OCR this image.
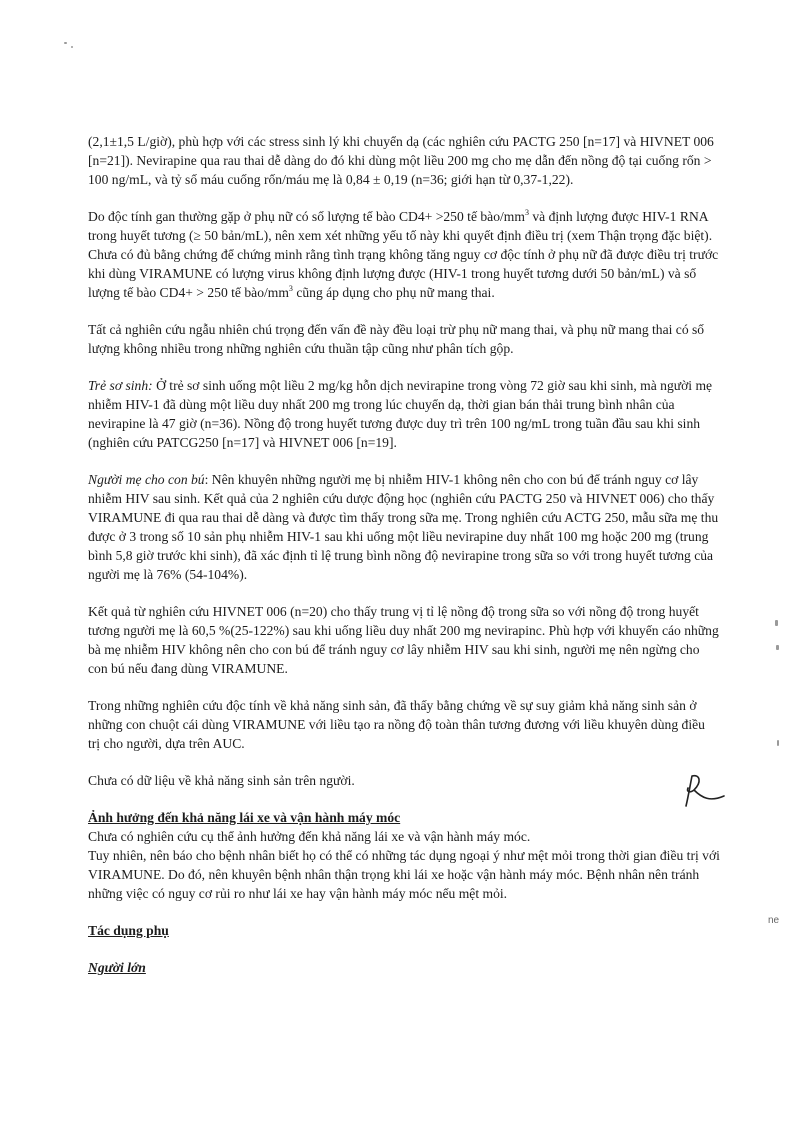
(2,1±1,5 L/giờ), phù hợp với các stress sinh lý khi chuyển dạ (các nghiên cứu PACTG 250 [n=17] và HIVNET 006 [n=21]). Nevirapine qua rau thai dễ dàng do đó khi dùng một liều 200 mg cho mẹ dẫn đến nồng độ tại cuống rốn > 100 ng/mL, và tỷ số máu cuống rốn/máu mẹ là 0,84 ± 0,19 (n=36; giới hạn từ 0,37-1,22).

Do độc tính gan thường gặp ở phụ nữ có số lượng tế bào CD4+ >250 tế bào/$mm^3$ và định lượng được HIV-1 RNA trong huyết tương (≥ 50 bản/mL), nên xem xét những yếu tố này khi quyết định điều trị (xem Thận trọng đặc biệt). Chưa có đủ bằng chứng để chứng minh rằng tình trạng không tăng nguy cơ độc tính ở phụ nữ đã được điều trị trước khi dùng VIRAMUNE có lượng virus không định lượng được (HIV-1 trong huyết tương dưới 50 bản/mL) và số lượng tế bào CD4+ > 250 tế bào/$mm^3$ cũng áp dụng cho phụ nữ mang thai.

Tất cả nghiên cứu ngẫu nhiên chú trọng đến vấn đề này đều loại trừ phụ nữ mang thai, và phụ nữ mang thai có số lượng không nhiều trong những nghiên cứu thuần tập cũng như phân tích gộp.

Trẻ sơ sinh: Ở trẻ sơ sinh uống một liều 2 mg/kg hỗn dịch nevirapine trong vòng 72 giờ sau khi sinh, mà người mẹ nhiễm HIV-1 đã dùng một liều duy nhất 200 mg trong lúc chuyển dạ, thời gian bán thải trung bình nhân của nevirapine là 47 giờ (n=36). Nồng độ trong huyết tương được duy trì trên 100 ng/mL trong tuần đầu sau khi sinh (nghiên cứu PATCG250 [n=17] và HIVNET 006 [n=19].

Người mẹ cho con bú: Nên khuyên những người mẹ bị nhiễm HIV-1 không nên cho con bú để tránh nguy cơ lây nhiễm HIV sau sinh. Kết quả của 2 nghiên cứu dược động học (nghiên cứu PACTG 250 và HIVNET 006) cho thấy VIRAMUNE đi qua rau thai dễ dàng và được tìm thấy trong sữa mẹ. Trong nghiên cứu ACTG 250, mẫu sữa mẹ thu được ở 3 trong số 10 sản phụ nhiễm HIV-1 sau khi uống một liều nevirapine duy nhất 100 mg hoặc 200 mg (trung bình 5,8 giờ trước khi sinh), đã xác định tỉ lệ trung bình nồng độ nevirapine trong sữa so với trong huyết tương của người mẹ là 76% (54-104%).

Kết quả từ nghiên cứu HIVNET 006 (n=20) cho thấy trung vị tỉ lệ nồng độ trong sữa so với nồng độ trong huyết tương người mẹ là 60,5 %(25-122%) sau khi uống liều duy nhất 200 mg nevirapinc. Phù hợp với khuyến cáo những bà mẹ nhiễm HIV không nên cho con bú để tránh nguy cơ lây nhiễm HIV sau khi sinh, người mẹ nên ngừng cho con bú nếu đang dùng VIRAMUNE.

Trong những nghiên cứu độc tính về khả năng sinh sản, đã thấy bằng chứng về sự suy giảm khả năng sinh sản ở những con chuột cái dùng VIRAMUNE với liều tạo ra nồng độ toàn thân tương đương với liều khuyên dùng điều trị cho người, dựa trên AUC.

Chưa có dữ liệu về khả năng sinh sản trên người.

Ảnh hưởng đến khả năng lái xe và vận hành máy móc

Chưa có nghiên cứu cụ thể ảnh hưởng đến khả năng lái xe và vận hành máy móc.

Tuy nhiên, nên báo cho bệnh nhân biết họ có thể có những tác dụng ngoại ý như mệt mỏi trong thời gian điều trị với VIRAMUNE. Do đó, nên khuyên bệnh nhân thận trọng khi lái xe hoặc vận hành máy móc. Bệnh nhân nên tránh những việc có nguy cơ rủi ro như lái xe hay vận hành máy móc nếu mệt mỏi.

Tác dụng phụ
Người lớn
ne
